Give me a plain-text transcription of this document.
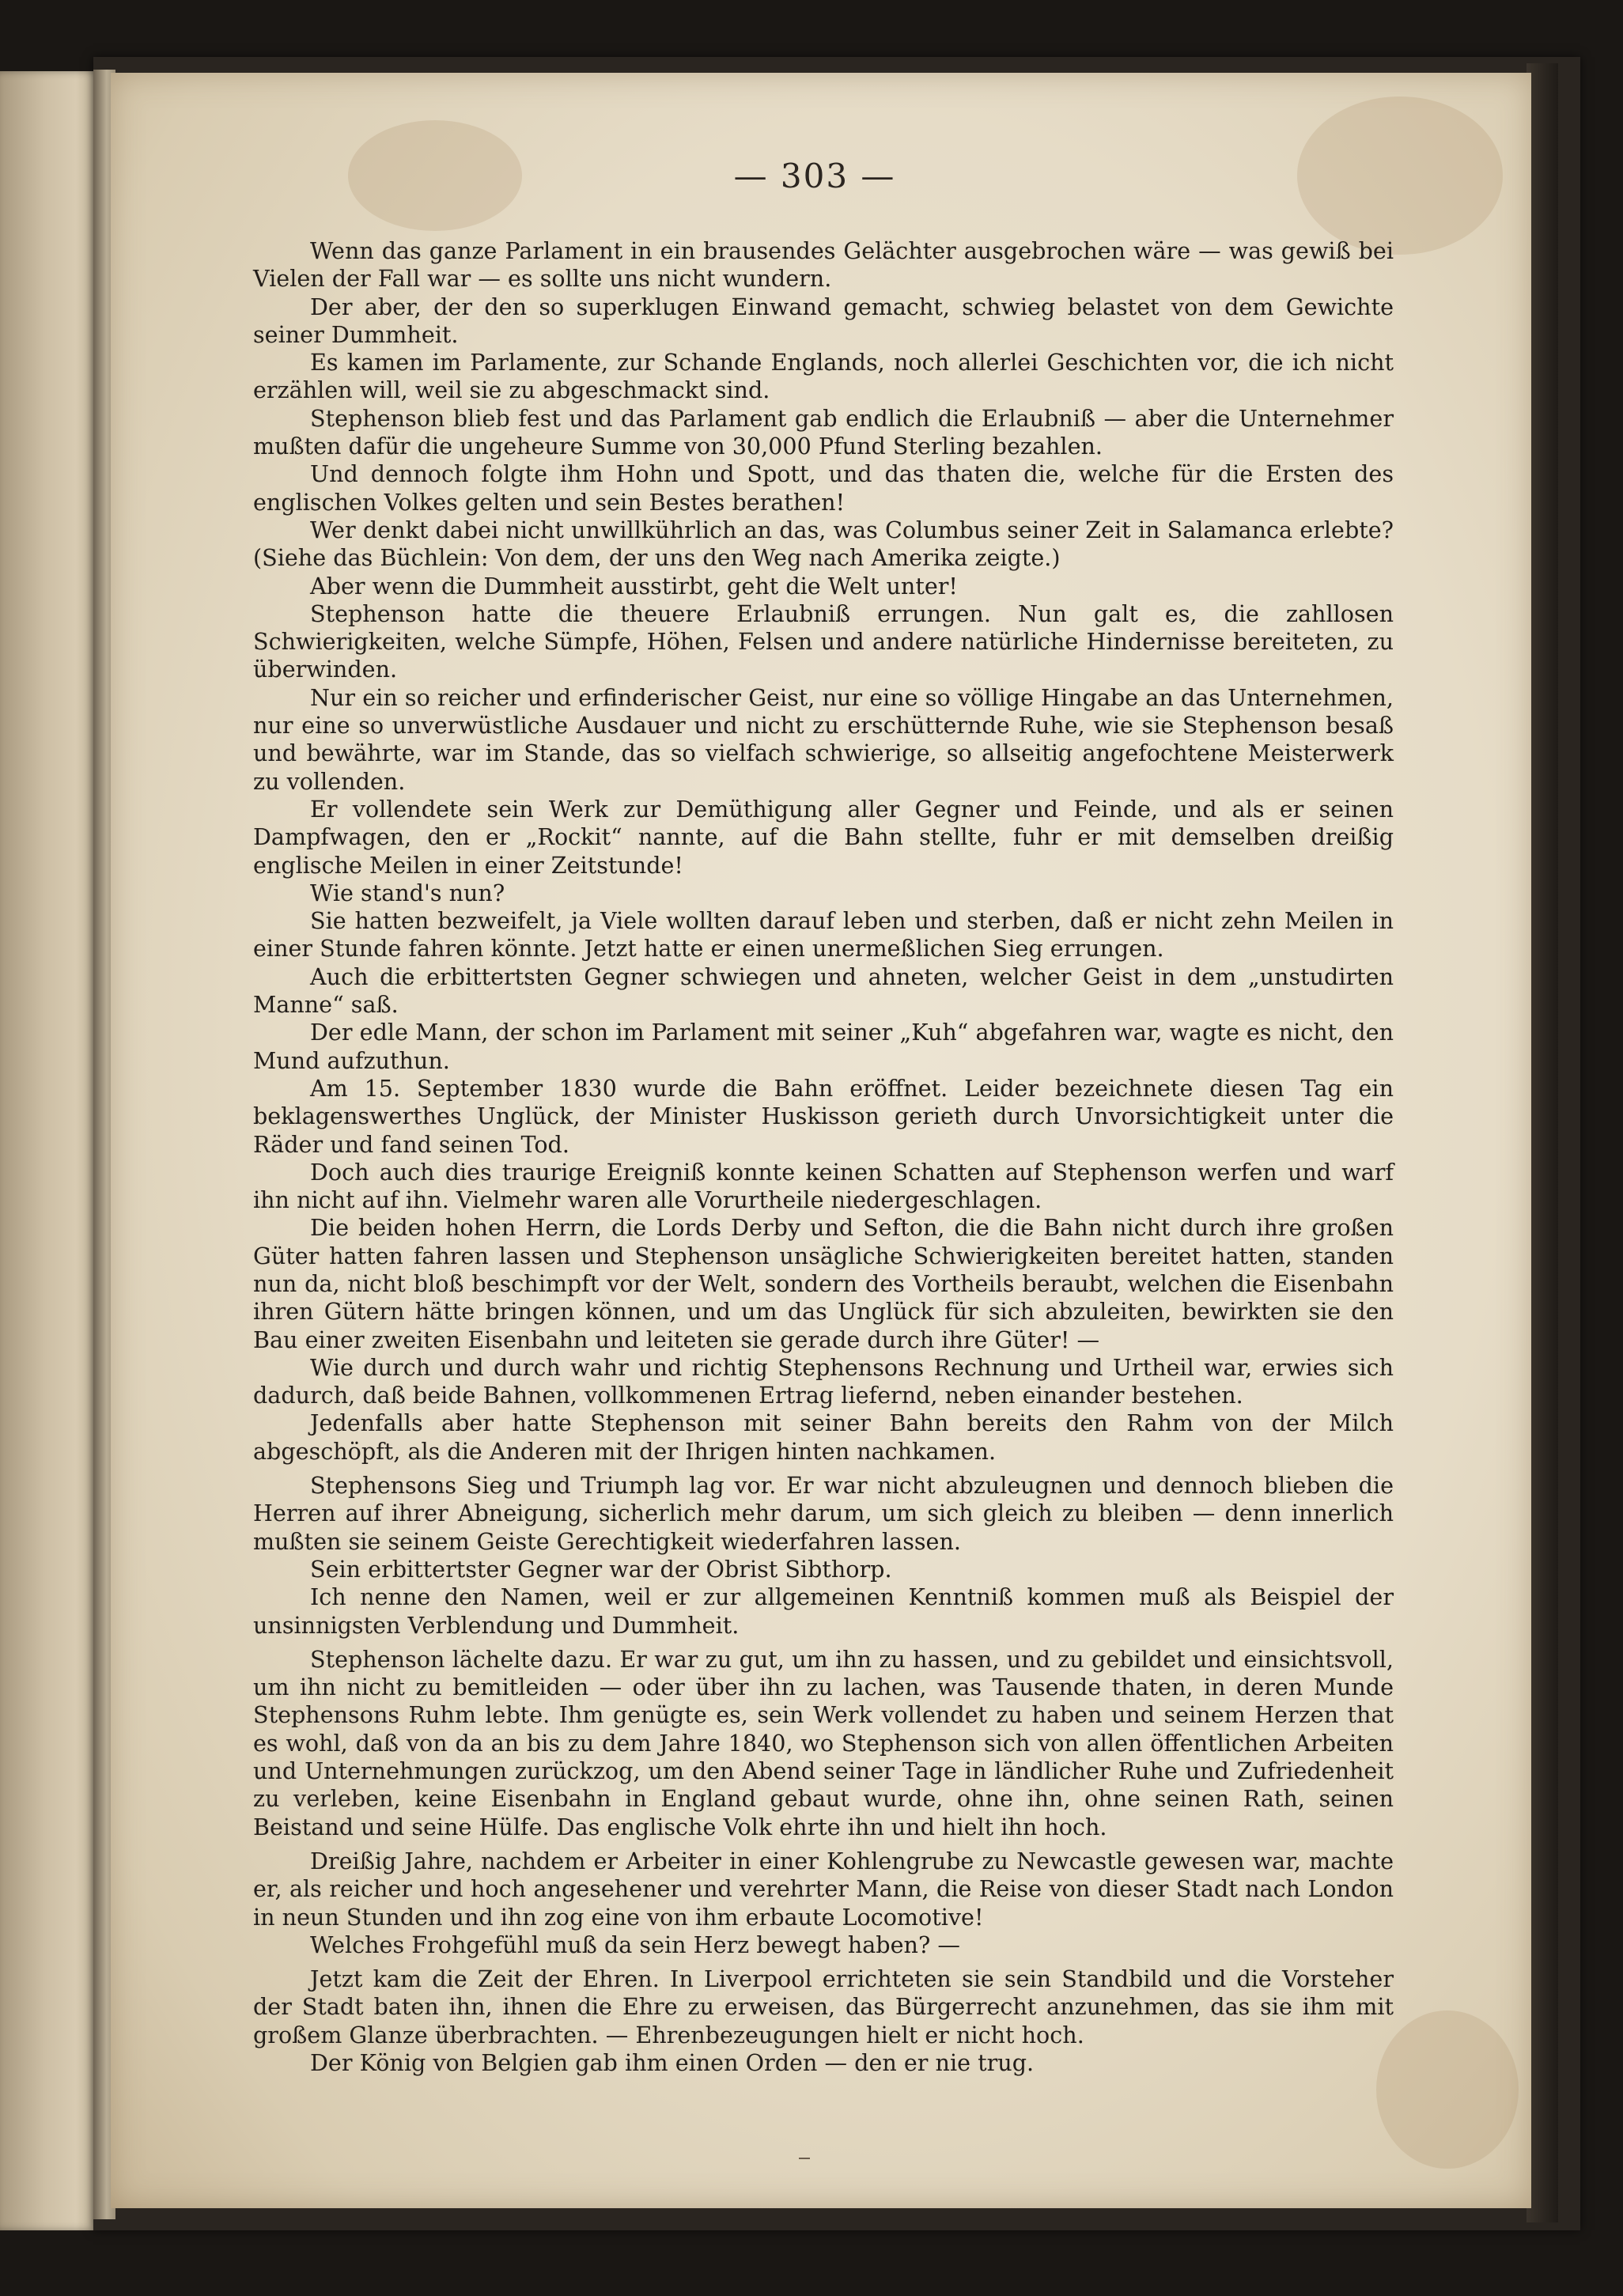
— 303 —

Wenn das ganze Parlament in ein brausendes Gelächter ausgebrochen wäre — was gewiß bei Vielen der Fall war — es sollte uns nicht wundern.

Der aber, der den so superklugen Einwand gemacht, schwieg belastet von dem Gewichte seiner Dummheit.

Es kamen im Parlamente, zur Schande Englands, noch allerlei Geschichten vor, die ich nicht erzählen will, weil sie zu abgeschmackt sind.

Stephenson blieb fest und das Parlament gab endlich die Erlaubniß — aber die Unternehmer mußten dafür die ungeheure Summe von 30,000 Pfund Sterling bezahlen.

Und dennoch folgte ihm Hohn und Spott, und das thaten die, welche für die Ersten des englischen Volkes gelten und sein Bestes berathen!

Wer denkt dabei nicht unwillkührlich an das, was Columbus seiner Zeit in Salamanca erlebte? (Siehe das Büchlein: Von dem, der uns den Weg nach Amerika zeigte.)

Aber wenn die Dummheit ausstirbt, geht die Welt unter!

Stephenson hatte die theuere Erlaubniß errungen. Nun galt es, die zahllosen Schwierigkeiten, welche Sümpfe, Höhen, Felsen und andere natürliche Hindernisse bereiteten, zu überwinden.

Nur ein so reicher und erfinderischer Geist, nur eine so völlige Hingabe an das Unternehmen, nur eine so unverwüstliche Ausdauer und nicht zu erschütternde Ruhe, wie sie Stephenson besaß und bewährte, war im Stande, das so vielfach schwierige, so allseitig angefochtene Meisterwerk zu vollenden.

Er vollendete sein Werk zur Demüthigung aller Gegner und Feinde, und als er seinen Dampfwagen, den er „Rockit“ nannte, auf die Bahn stellte, fuhr er mit demselben dreißig englische Meilen in einer Zeitstunde!

Wie stand's nun?

Sie hatten bezweifelt, ja Viele wollten darauf leben und sterben, daß er nicht zehn Meilen in einer Stunde fahren könnte. Jetzt hatte er einen unermeßlichen Sieg errungen.

Auch die erbittertsten Gegner schwiegen und ahneten, welcher Geist in dem „unstudirten Manne“ saß.

Der edle Mann, der schon im Parlament mit seiner „Kuh“ abgefahren war, wagte es nicht, den Mund aufzuthun.

Am 15. September 1830 wurde die Bahn eröffnet. Leider bezeichnete diesen Tag ein beklagenswerthes Unglück, der Minister Huskisson gerieth durch Unvorsichtigkeit unter die Räder und fand seinen Tod.

Doch auch dies traurige Ereigniß konnte keinen Schatten auf Stephenson werfen und warf ihn nicht auf ihn. Vielmehr waren alle Vorurtheile niedergeschlagen.

Die beiden hohen Herrn, die Lords Derby und Sefton, die die Bahn nicht durch ihre großen Güter hatten fahren lassen und Stephenson unsägliche Schwierigkeiten bereitet hatten, standen nun da, nicht bloß beschimpft vor der Welt, sondern des Vortheils beraubt, welchen die Eisenbahn ihren Gütern hätte bringen können, und um das Unglück für sich abzuleiten, bewirkten sie den Bau einer zweiten Eisenbahn und leiteten sie gerade durch ihre Güter! —

Wie durch und durch wahr und richtig Stephensons Rechnung und Urtheil war, erwies sich dadurch, daß beide Bahnen, vollkommenen Ertrag liefernd, neben einander bestehen.

Jedenfalls aber hatte Stephenson mit seiner Bahn bereits den Rahm von der Milch abgeschöpft, als die Anderen mit der Ihrigen hinten nachkamen.

Stephensons Sieg und Triumph lag vor. Er war nicht abzuleugnen und dennoch blieben die Herren auf ihrer Abneigung, sicherlich mehr darum, um sich gleich zu bleiben — denn innerlich mußten sie seinem Geiste Gerechtigkeit wiederfahren lassen.

Sein erbittertster Gegner war der Obrist Sibthorp.

Ich nenne den Namen, weil er zur allgemeinen Kenntniß kommen muß als Beispiel der unsinnigsten Verblendung und Dummheit.

Stephenson lächelte dazu. Er war zu gut, um ihn zu hassen, und zu gebildet und einsichtsvoll, um ihn nicht zu bemitleiden — oder über ihn zu lachen, was Tausende thaten, in deren Munde Stephensons Ruhm lebte. Ihm genügte es, sein Werk vollendet zu haben und seinem Herzen that es wohl, daß von da an bis zu dem Jahre 1840, wo Stephenson sich von allen öffentlichen Arbeiten und Unternehmungen zurückzog, um den Abend seiner Tage in ländlicher Ruhe und Zufriedenheit zu verleben, keine Eisenbahn in England gebaut wurde, ohne ihn, ohne seinen Rath, seinen Beistand und seine Hülfe. Das englische Volk ehrte ihn und hielt ihn hoch.

Dreißig Jahre, nachdem er Arbeiter in einer Kohlengrube zu Newcastle gewesen war, machte er, als reicher und hoch angesehener und verehrter Mann, die Reise von dieser Stadt nach London in neun Stunden und ihn zog eine von ihm erbaute Locomotive!

Welches Frohgefühl muß da sein Herz bewegt haben? —

Jetzt kam die Zeit der Ehren. In Liverpool errichteten sie sein Standbild und die Vorsteher der Stadt baten ihn, ihnen die Ehre zu erweisen, das Bürgerrecht anzunehmen, das sie ihm mit großem Glanze überbrachten. — Ehrenbezeugungen hielt er nicht hoch.

Der König von Belgien gab ihm einen Orden — den er nie trug.
